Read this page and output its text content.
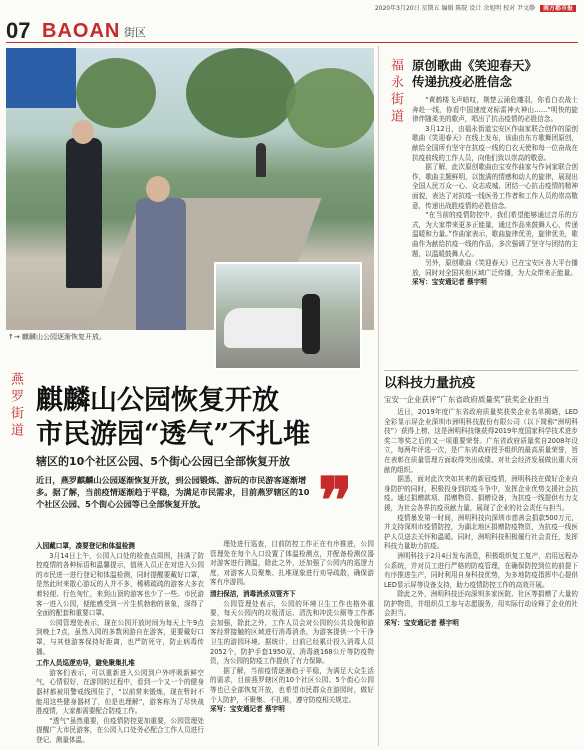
2020年3月20日 星期五 编辑 陈院 设计 余旭明 校对 尹文静 南方都市报
07 BAOAN 街区
↑→ 麒麟山公园逐渐恢复开放。
燕罗街道
福永街道
麒麟山公园恢复开放
市民游园“透气”不扎堆
辖区的10个社区公园、5个街心公园已全部恢复开放
近日，燕罗麒麟山公园逐渐恢复开放，到公园锻炼、游玩的市民游客逐渐增多。据了解，当前疫情逐渐趋于平稳，为满足市民需求，目前燕罗辖区的10个社区公园、5个街心公园等已全部恢复开放。	❞

入园戴口罩，凑要登记和体温检测

3月14日上午，公园入口处的检查点周围，挂满了防控疫情的各种标语和温馨提示，值班人员正在对进入公园的市民进一进行登记和体温检测，同时提醒要戴好口罩，是然此时来散心游玩的人并不多，稀稀疏疏的游客大多衣着轻便、行色匆忙，来到山顶的游客也少了一些。市民游客一进入公园，便能感受到一片生机勃勃的景象，深得了全面的配套和重要口罩。

公园管理处表示，现在公园开放时间为每天上午9点到晚上7点，虽然入园的多数闲游自在游客，更要戴好口罩，与其他游客保持好距离，也严防死守，防止病毒传播。

工作人员巡逻劝导，避免聚集扎堆

游客们表示，可以重新进入公园到户外呼吸新鲜空气，心情很好，在游园的过程中，看到一个又一个的健身器材都被用警戒线围住了，“以前常来锻炼，现在暂时不能用这些健身器材了，但是也理解”，游客称为了尽快战胜疫情，大家都需要配合防疫工作。

“透气”虽然重要，但疫情防控更加重要，公园管理处提醒广大市民游客，在公园入口处务必配合工作人员进行登记、测量体温。

理处进行巡查，目前防控工作正在有序推进，公园管理处在每个入口设置了体温检测点，并配备检测仪器对游客进行测温，除此之外，还加强了公园内的巡逻力度，对游客人员聚集、扎堆现象进行劝导疏散，确保游客有序游园。

清扫保洁，消毒消杀双管齐下

公园管理处表示，公园的环境卫生工作也格外重要，每天公园内的垃圾清运、清洗和冲洗公厕等工作都会加强，除此之外，工作人员会对公园的公共设施和游客经常接触的区域进行消毒消杀，为游客提供一个干净卫生的游园环境。据统计，目前已经累计投入消毒人员2052个，防护手套1950双、消毒液168公斤等防疫物资，为公园的防疫工作提供了有力保障。

据了解，当前疫情逐渐趋于平稳，为满足大众生活的需求，目前燕罗辖区的10个社区公园、5个街心公园等也已全部恢复开放，也希望市民群众在游园时，做好个人防护，不聚集、不扎堆，遵守防疫相关规定。

采写：宝安通记者 蔡宇明

原创歌曲《笑迎春天》
传递抗疫必胜信念

“黄鹤楼飞声暗叹，荆楚云涌危雕羽，你看白衣战士奔赴一线，你看中国速度对标雷神火神山……”明快的旋律伴随柔美的歌声，唱出了抗击疫情的必胜信念。

3月12日，由福永街道宝安区作曲家联合创作的原创歌曲《笑迎春天》在线上发布，该曲由东方歌舞团原创，献给全国所有坚守在抗疫一线的白衣天使和每一位奋战在抗疫前线的工作人员，向他们致以崇高的敬意。

据了解，此次原创歌曲由宝安作曲家与作词家联合创作，歌曲主题鲜明，以饱满的情感和动人的旋律，展现出全国人民万众一心、众志成城、团结一心抗击疫情的精神面貌，表达了对抗疫一线医务工作者和工作人员的崇高敬意，传递出战胜疫情的必胜信念。

“在当前的疫情防控中，我们希望能够通过音乐的方式，为大家带来更多正能量，通过作品来鼓舞人心，传递温暖和力量。”作曲家表示，歌曲旋律优美，旋律优美，歌曲作为献给抗疫一线的作品，多次强调了坚守与团结的主题，以温暖鼓舞人心。

另外，原创歌曲《笑迎春天》已在宝安区各大平台播放，同时对全国其他区域广泛传播，为大众带来正能量。

采写：宝安通记者 蔡宇明

以科技力量抗疫
宝安一企业获评“广东省政府质量奖”获奖企业担当

近日，2019年度广东省政府质量奖获奖企业名单揭晓，LED全彩显示屏企业深圳市洲明科技股份有限公司（以下简称“洲明科技”）获得上榜，这是洲明科技继获得2019年度国家科学技术进步奖二等奖之后的又一项重要荣誉。广东省政府质量奖自2008年设立，每两年评选一次，是广东省政府授予组织的最高质量荣誉，旨在表彰在质量管理方面取得突出成绩、对社会经济发展做出重大贡献的组织。

据悉，面对此次突如其来的新冠疫情，洲明科技在做好企业自身防护的同时，积极投身到抗疫斗争中，发挥企业优势支援社会抗疫。通过捐赠款项、捐赠物资、捐赠设备，为抗疫一线提供有力支援，为社会各界抗疫贡献力量，展现了企业的社会责任与担当。

疫情暴发第一时间，洲明科技向深圳市慈善会捐款500万元，并支持深圳市疫情防控，为湖北地区捐赠防疫物资，为抗疫一线医护人员送去关怀和温暖。同时，洲明科技积极履行社会责任，发挥科技力量助力抗疫。

洲明科技于2月4日发布消息，积极组织复工复产，启用远程办公系统，并对员工进行严格的防疫管理，在确保防控到位的前提下有序推进生产，同时利用自身科技优势，为多地防疫指挥中心提供LED显示屏等设备支持，助力疫情防控工作的高效开展。

除此之外，洲明科技还向深圳多家医院、社区等捐赠了大量的防护物资，并组织员工参与志愿服务，用实际行动诠释了企业的社会担当。

采写：宝安通记者 蔡宇明
